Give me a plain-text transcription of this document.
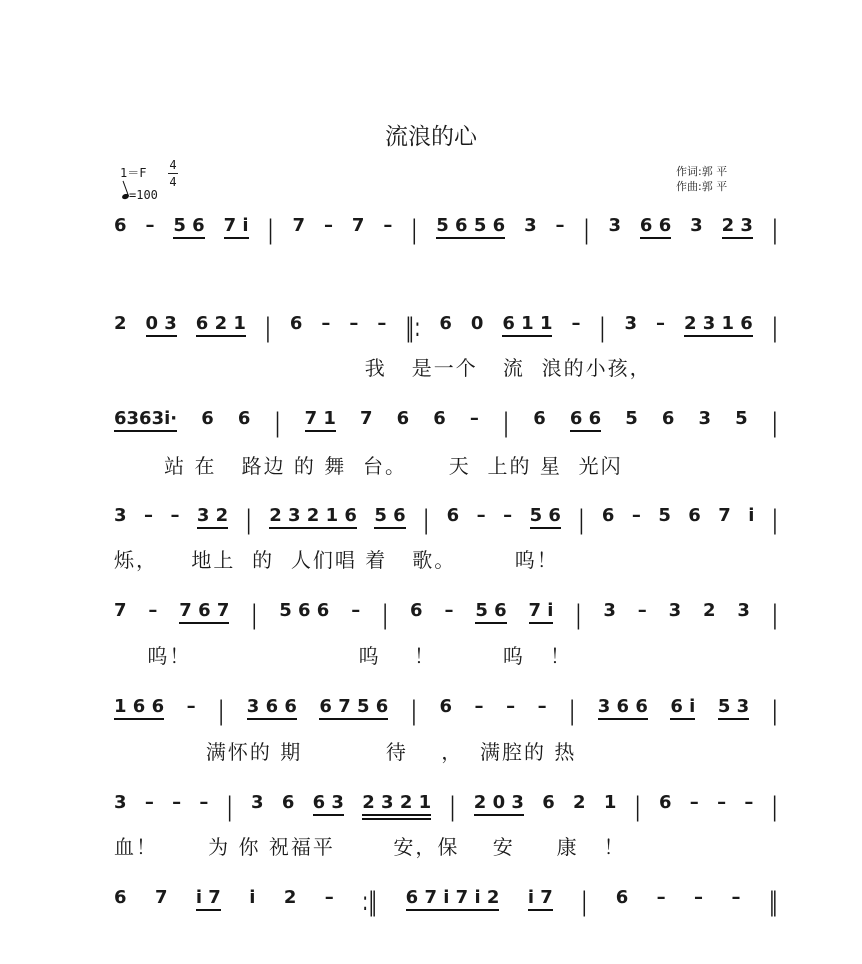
流浪的心
1＝F
4
4
=100
作词:郭 平
作曲:郭 平
6 – 5 6 7 i | 7 – 7 – | 5 6 5 6 3 – | 3 6 6 3 2 3 |
2 0 3 6 2 1 | 6 – – – ‖: 6 0 6 1 1 – | 3 – 2 3 1 6 |
我   是一个   流  浪的小孩，
6363i· 6 6 | 7 1 7 6 6 – | 6 6 6 5 6 3 5 |
站 在   路边 的 舞  台。     天  上的 星  光闪
3 – – 3 2 | 2 3 2 1 6 5 6 | 6 – – 5 6 | 6 – 5 6 7 i |
烁，    地上  的  人们唱 着   歌。       呜！
7 – 7 6 7 | 5 6 6 – | 6 – 5 6 7 i | 3 – 3 2 3 |
呜！                    呜    ！        呜   ！
1 6 6 – | 3 6 6 6 7 5 6 | 6 – – – | 3 6 6 6 i 5 3 |
满怀的 期          待    ，  满腔的 热
3 – – – | 3 6 6 3 2 3 2 1 | 2 0 3 6 2 1 | 6 – – – |
血！      为 你 祝福平       安，保    安     康   ！
6 7 i 7 i 2 – :‖ 6 7 i 7 i 2 i 7 | 6 – – – ‖
